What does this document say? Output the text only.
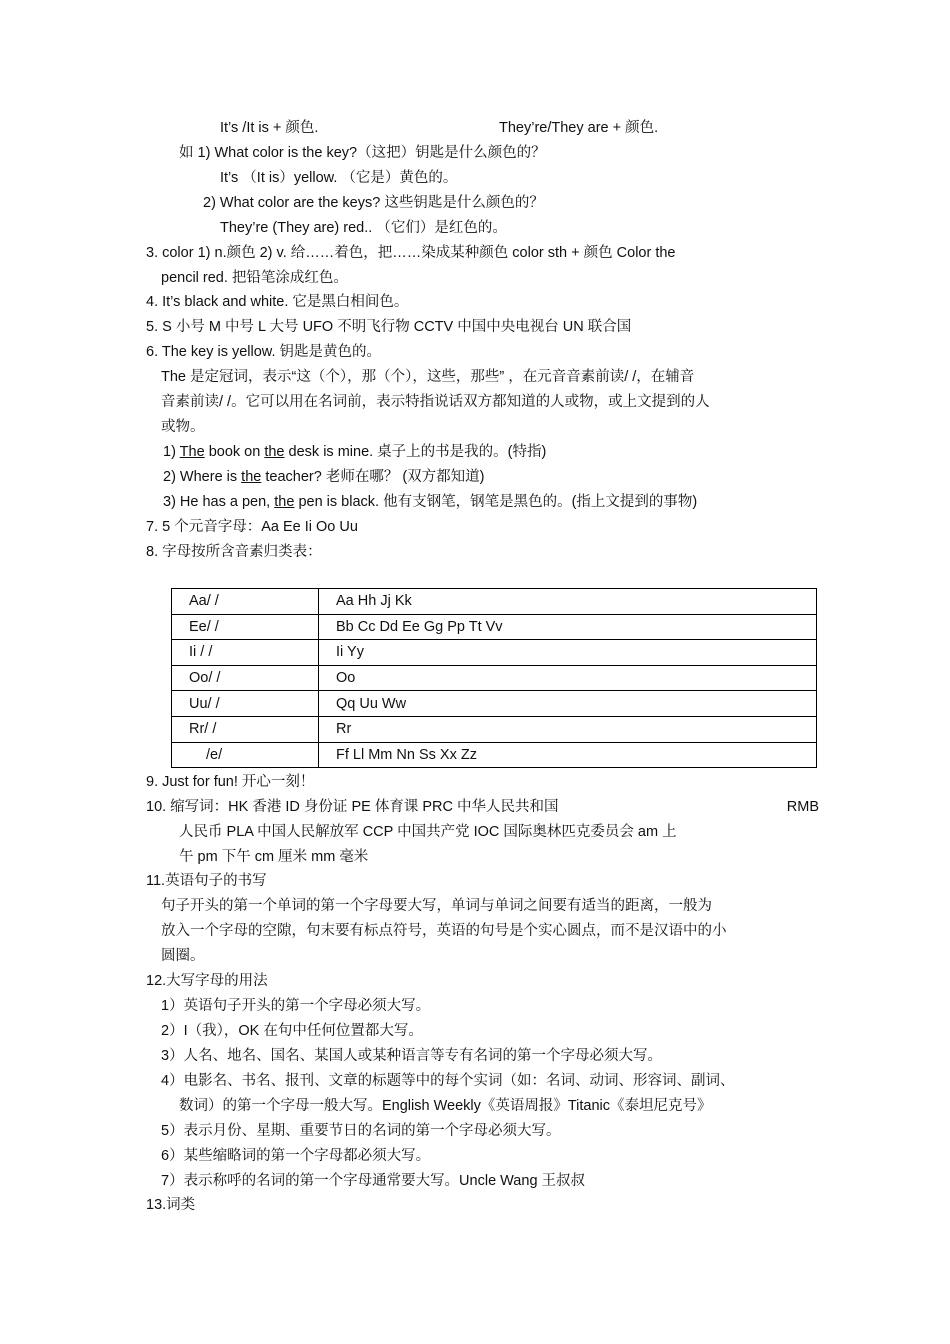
It’s /It is + 颜色.	They’re/They are + 颜色.
如 1) What color is the key?（这把）钥匙是什么颜色的？
It’s （It is）yellow. （它是）黄色的。
2) What color are the keys? 这些钥匙是什么颜色的？
They’re (They are) red.. （它们）是红色的。
3. color 1) n.颜色 2) v. 给……着色，把……染成某种颜色 color sth + 颜色 Color the
pencil red. 把铅笔涂成红色。
4. It’s black and white. 它是黑白相间色。
5. S 小号 M 中号 L 大号 UFO 不明飞行物 CCTV 中国中央电视台 UN 联合国
6. The key is yellow. 钥匙是黄色的。
The 是定冠词，表示“这（个），那（个），这些，那些” ，在元音音素前读/ /，在辅音
音素前读/ /。它可以用在名词前，表示特指说话双方都知道的人或物，或上文提到的人
或物。
1) The book on the desk is mine. 桌子上的书是我的。(特指)
2) Where is the teacher? 老师在哪？ (双方都知道)
3) He has a pen, the pen is black. 他有支钢笔，钢笔是黑色的。(指上文提到的事物)
7. 5 个元音字母：Aa Ee Ii Oo Uu
8. 字母按所含音素归类表：
Aa/ /	Aa Hh Jj Kk
Ee/ /	Bb Cc Dd Ee Gg Pp Tt Vv
Ii / /	Ii Yy
Oo/ /	Oo
Uu/ /	Qq Uu Ww
Rr/ /	Rr
/e/	Ff Ll Mm Nn Ss Xx Zz
9. Just for fun! 开心一刻！
10. 缩写词：HK 香港 ID 身份证 PE 体育课 PRC 中华人民共和国	RMB
人民币 PLA 中国人民解放军 CCP 中国共产党 IOC 国际奥林匹克委员会 am 上
午 pm 下午 cm 厘米 mm 毫米
11.英语句子的书写
句子开头的第一个单词的第一个字母要大写，单词与单词之间要有适当的距离，一般为
放入一个字母的空隙，句末要有标点符号，英语的句号是个实心圆点，而不是汉语中的小
圆圈。
12.大写字母的用法
1）英语句子开头的第一个字母必须大写。
2）I（我），OK 在句中任何位置都大写。
3）人名、地名、国名、某国人或某种语言等专有名词的第一个字母必须大写。
4）电影名、书名、报刊、文章的标题等中的每个实词（如：名词、动词、形容词、副词、
数词）的第一个字母一般大写。English Weekly《英语周报》Titanic《泰坦尼克号》
5）表示月份、星期、重要节日的名词的第一个字母必须大写。
6）某些缩略词的第一个字母都必须大写。
7）表示称呼的名词的第一个字母通常要大写。Uncle Wang 王叔叔
13.词类
